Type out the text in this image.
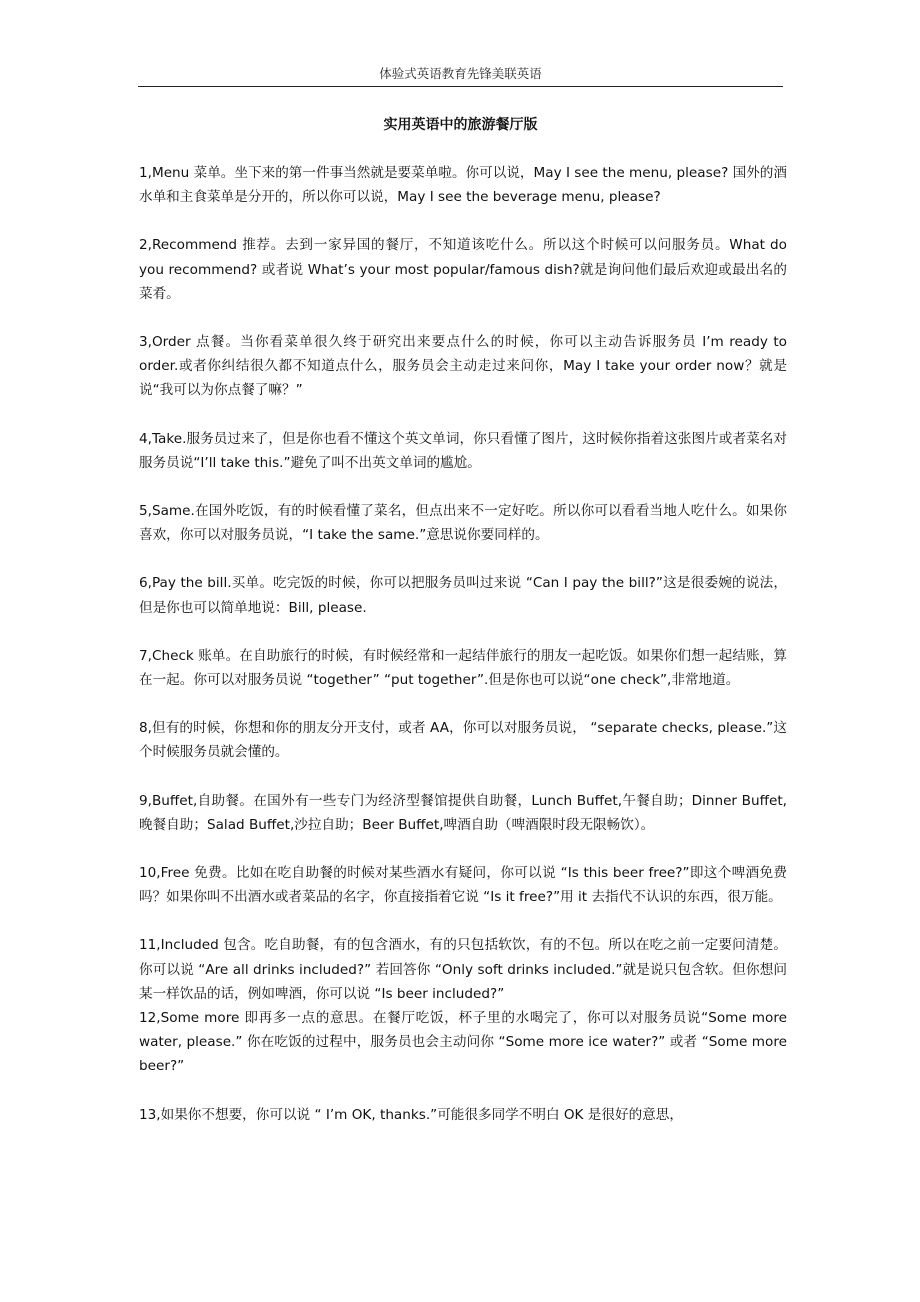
体验式英语教育先锋美联英语
实用英语中的旅游餐厅版

1,Menu 菜单。坐下来的第一件事当然就是要菜单啦。你可以说，May I see the menu, please? 国外的酒水单和主食菜单是分开的，所以你可以说，May I see the beverage menu, please?

2,Recommend 推荐。去到一家异国的餐厅，不知道该吃什么。所以这个时候可以问服务员。What do you recommend? 或者说 What’s your most popular/famous dish?就是询问他们最后欢迎或最出名的菜肴。

3,Order 点餐。当你看菜单很久终于研究出来要点什么的时候，你可以主动告诉服务员 I’m ready to order.或者你纠结很久都不知道点什么，服务员会主动走过来问你，May I take your order now？就是说“我可以为你点餐了嘛？”

4,Take.服务员过来了，但是你也看不懂这个英文单词，你只看懂了图片，这时候你指着这张图片或者菜名对服务员说“I’ll take this.”避免了叫不出英文单词的尴尬。

5,Same.在国外吃饭，有的时候看懂了菜名，但点出来不一定好吃。所以你可以看看当地人吃什么。如果你喜欢，你可以对服务员说，“I take the same.”意思说你要同样的。

6,Pay the bill.买单。吃完饭的时候，你可以把服务员叫过来说 “Can I pay the bill?”这是很委婉的说法，但是你也可以简单地说：Bill, please.

7,Check 账单。在自助旅行的时候，有时候经常和一起结伴旅行的朋友一起吃饭。如果你们想一起结账，算在一起。你可以对服务员说 “together” “put together”.但是你也可以说“one check”,非常地道。

8,但有的时候，你想和你的朋友分开支付，或者 AA，你可以对服务员说， “separate checks, please.”这个时候服务员就会懂的。

9,Buffet,自助餐。在国外有一些专门为经济型餐馆提供自助餐，Lunch Buffet,午餐自助；Dinner Buffet,晚餐自助；Salad Buffet,沙拉自助；Beer Buffet,啤酒自助（啤酒限时段无限畅饮）。

10,Free 免费。比如在吃自助餐的时候对某些酒水有疑问，你可以说 “Is this beer free?”即这个啤酒免费吗？如果你叫不出酒水或者菜品的名字，你直接指着它说 “Is it free?”用 it 去指代不认识的东西，很万能。

11,Included 包含。吃自助餐，有的包含酒水，有的只包括软饮，有的不包。所以在吃之前一定要问清楚。你可以说 “Are all drinks included?” 若回答你 “Only soft drinks included.”就是说只包含软。但你想问某一样饮品的话，例如啤酒，你可以说 “Is beer included?”

12,Some more 即再多一点的意思。在餐厅吃饭，杯子里的水喝完了，你可以对服务员说“Some more water, please.” 你在吃饭的过程中，服务员也会主动问你 “Some more ice water?” 或者 “Some more beer?”

13,如果你不想要，你可以说 “ I’m OK, thanks.”可能很多同学不明白 OK 是很好的意思，
